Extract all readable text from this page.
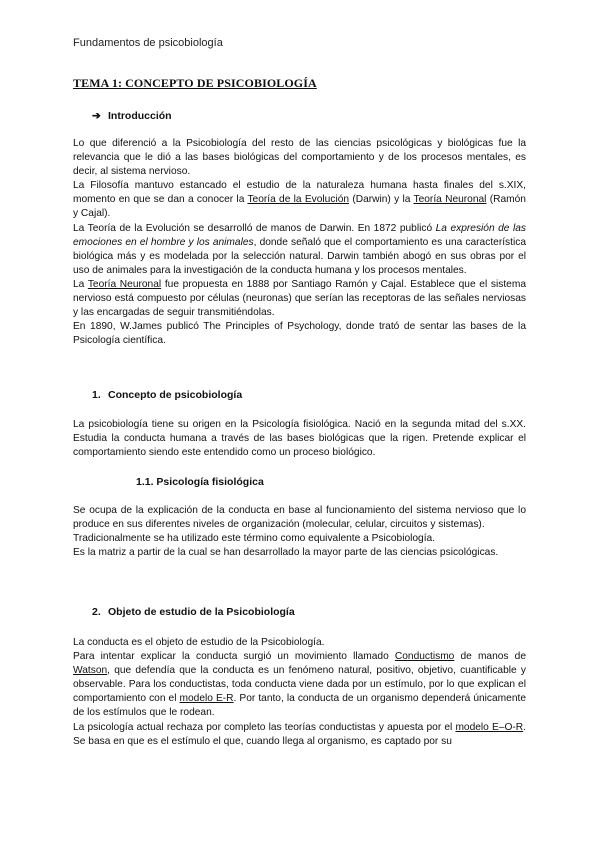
Fundamentos de psicobiología
TEMA 1: CONCEPTO DE PSICOBIOLOGÍA
➔ Introducción

Lo que diferenció a la Psicobiología del resto de las ciencias psicológicas y biológicas fue la relevancia que le dió a las bases biológicas del comportamiento y de los procesos mentales, es decir, al sistema nervioso.

La Filosofía mantuvo estancado el estudio de la naturaleza humana hasta finales del s.XIX, momento en que se dan a conocer la Teoría de la Evolución (Darwin) y la Teoría Neuronal (Ramón y Cajal).

La Teoría de la Evolución se desarrolló de manos de Darwin. En 1872 publicó La expresión de las emociones en el hombre y los animales, donde señaló que el comportamiento es una característica biológica más y es modelada por la selección natural. Darwin también abogó en sus obras por el uso de animales para la investigación de la conducta humana y los procesos mentales.

La Teoría Neuronal fue propuesta en 1888 por Santiago Ramón y Cajal. Establece que el sistema nervioso está compuesto por células (neuronas) que serían las receptoras de las señales nerviosas y las encargadas de seguir transmitiéndolas.

En 1890, W.James publicó The Principles of Psychology, donde trató de sentar las bases de la Psicología científica.

1. Concepto de psicobiología

La psicobiología tiene su origen en la Psicología fisiológica. Nació en la segunda mitad del s.XX. Estudia la conducta humana a través de las bases biológicas que la rigen. Pretende explicar el comportamiento siendo este entendido como un proceso biológico.

1.1. Psicología fisiológica

Se ocupa de la explicación de la conducta en base al funcionamiento del sistema nervioso que lo produce en sus diferentes niveles de organización (molecular, celular, circuitos y sistemas).

Tradicionalmente se ha utilizado este término como equivalente a Psicobiología.

Es la matriz a partir de la cual se han desarrollado la mayor parte de las ciencias psicológicas.

2. Objeto de estudio de la Psicobiología

La conducta es el objeto de estudio de la Psicobiología.

Para intentar explicar la conducta surgió un movimiento llamado Conductismo de manos de Watson, que defendía que la conducta es un fenómeno natural, positivo, objetivo, cuantificable y observable. Para los conductistas, toda conducta viene dada por un estímulo, por lo que explican el comportamiento con el modelo E-R. Por tanto, la conducta de un organismo dependerá únicamente de los estímulos que le rodean.

La psicología actual rechaza por completo las teorías conductistas y apuesta por el modelo E–O-R. Se basa en que es el estímulo el que, cuando llega al organismo, es captado por su
